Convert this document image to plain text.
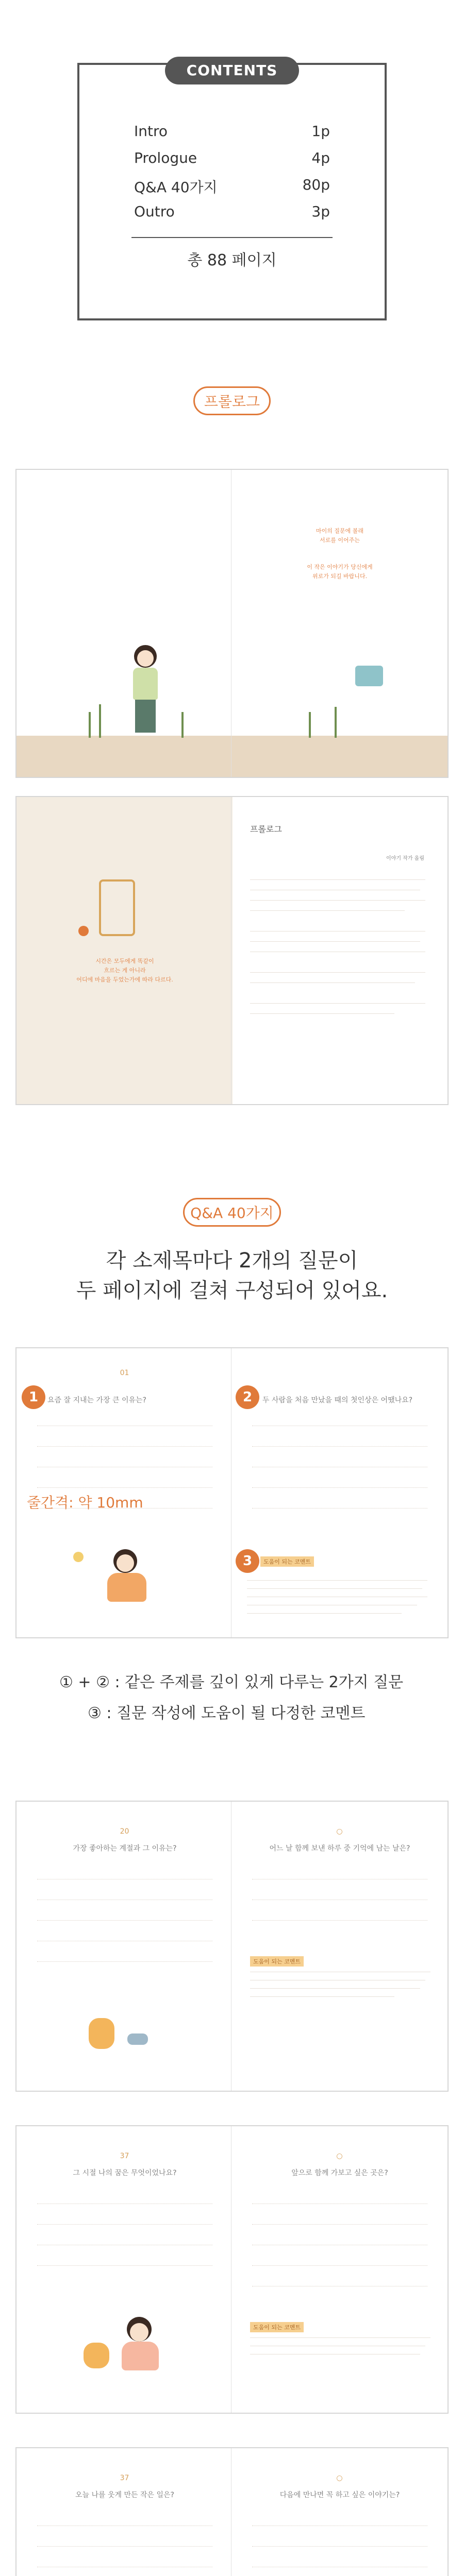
CONTENTS
Intro	1p
Prologue	4p
Q&A 40가지	80p
Outro	3p
총 88 페이지
프롤로그
마이의 질문에 볼래
서로를 이어주는
이 작은 이야기가 당신에게
위로가 되길 바랍니다.
시간은 모두에게 똑같이
흐르는 게 아니라
어디에 마음을 두었는가에 따라 다르다.
프롤로그
이야기 작가 올림
Q&A 40가지
각 소제목마다 2개의 질문이
두 페이지에 걸쳐 구성되어 있어요.
01
요즘 잘 지내는 가장 큰 이유는?
1
줄간격: 약 10mm
2	두 사람을 처음 만났을 때의 첫인상은 어땠나요?
3	도움이 되는 코멘트
① + ② : 같은 주제를 깊이 있게 다루는 2가지 질문
③ : 질문 작성에 도움이 될 다정한 코멘트
20
가장 좋아하는 계절과 그 이유는?
○
어느 날 함께 보낸 하루 중 기억에 남는 날은?
도움이 되는 코멘트
37
그 시절 나의 꿈은 무엇이었나요?
○
앞으로 함께 가보고 싶은 곳은?
도움이 되는 코멘트
37
오늘 나를 웃게 만든 작은 일은?
○
다음에 만나면 꼭 하고 싶은 이야기는?
